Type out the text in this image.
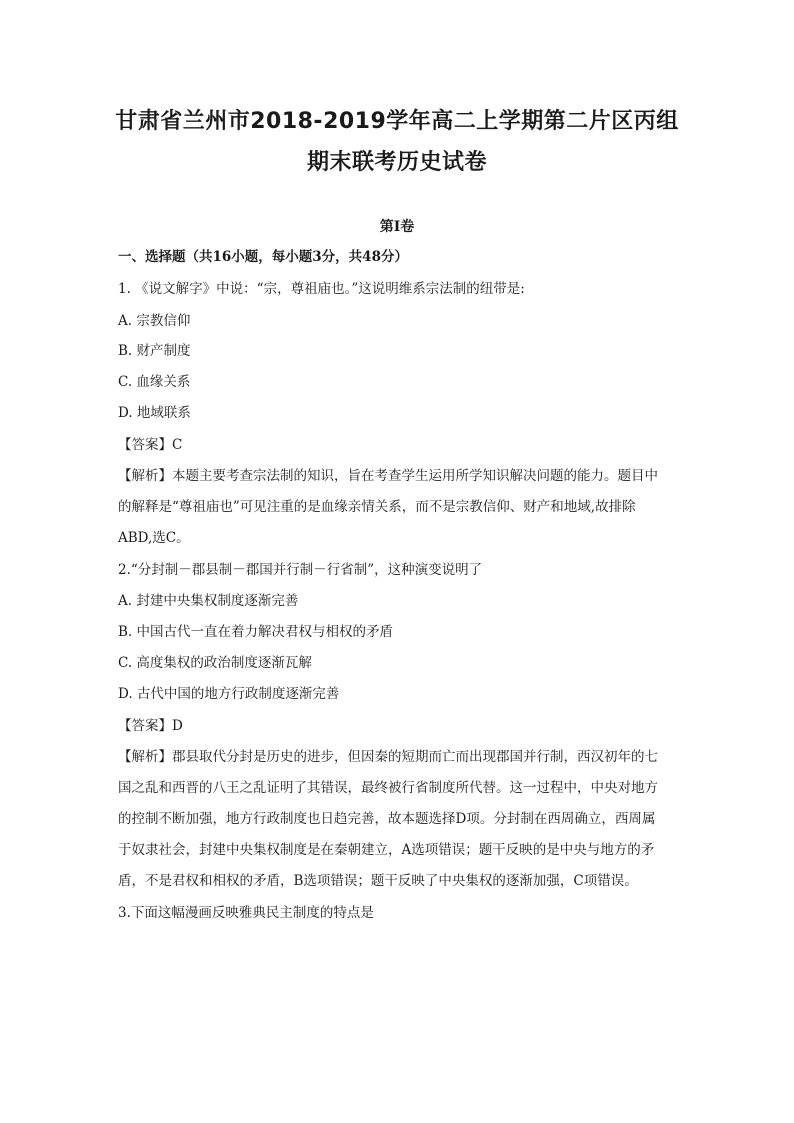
甘肃省兰州市2018-2019学年高二上学期第二片区丙组
期末联考历史试卷
第I卷
一、选择题（共16小题，每小题3分，共48分）
1. 《说文解字》中说：“宗，尊祖庙也。”这说明维系宗法制的纽带是:
A. 宗教信仰
B. 财产制度
C. 血缘关系
D. 地域联系
【答案】C
【解析】本题主要考查宗法制的知识，旨在考查学生运用所学知识解决问题的能力。题目中
的解释是“尊祖庙也”可见注重的是血缘亲情关系，而不是宗教信仰、财产和地域,故排除
ABD,选C。
2.“分封制－郡县制－郡国并行制－行省制”，这种演变说明了
A. 封建中央集权制度逐渐完善
B. 中国古代一直在着力解决君权与相权的矛盾
C. 高度集权的政治制度逐渐瓦解
D. 古代中国的地方行政制度逐渐完善
【答案】D
【解析】郡县取代分封是历史的进步，但因秦的短期而亡而出现郡国并行制，西汉初年的七
国之乱和西晋的八王之乱证明了其错误，最终被行省制度所代替。这一过程中，中央对地方
的控制不断加强，地方行政制度也日趋完善，故本题选择D项。分封制在西周确立，西周属
于奴隶社会，封建中央集权制度是在秦朝建立，A选项错误；题干反映的是中央与地方的矛
盾，不是君权和相权的矛盾，B选项错误；题干反映了中央集权的逐渐加强，C项错误。
3.下面这幅漫画反映雅典民主制度的特点是
